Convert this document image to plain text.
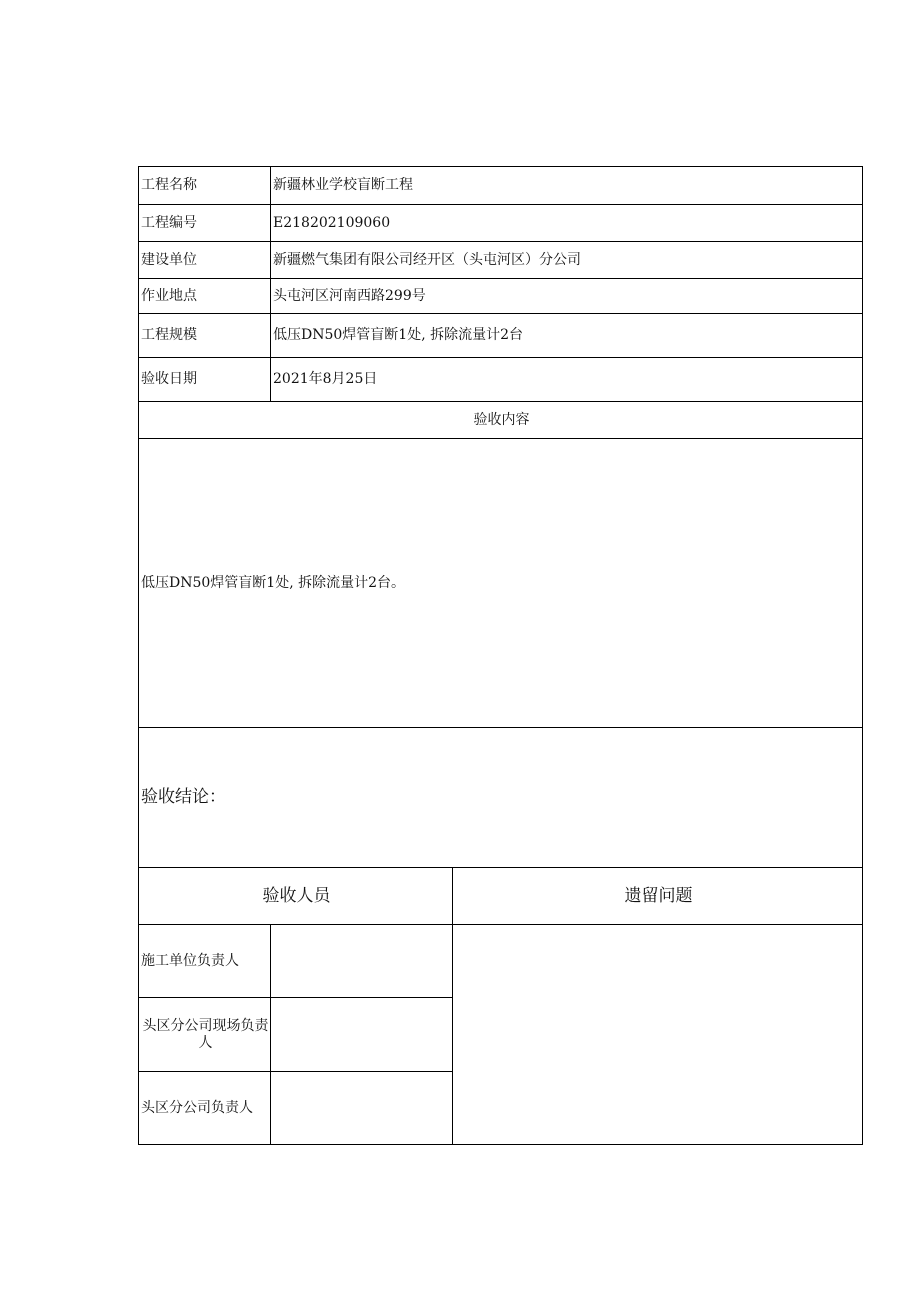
工程名称	新疆林业学校盲断工程	
工程编号	E218202109060	
建设单位	新疆燃气集团有限公司经开区（头屯河区）分公司	
作业地点	头屯河区河南西路299号	
工程规模	低压DN50焊管盲断1处, 拆除流量计2台	
验收日期	2021年8月25日	
验收内容		
低压DN50焊管盲断1处, 拆除流量计2台。		
验收结论：		
验收人员		遗留问题
施工单位负责人		
头区分公司现场负责人		
头区分公司负责人		
